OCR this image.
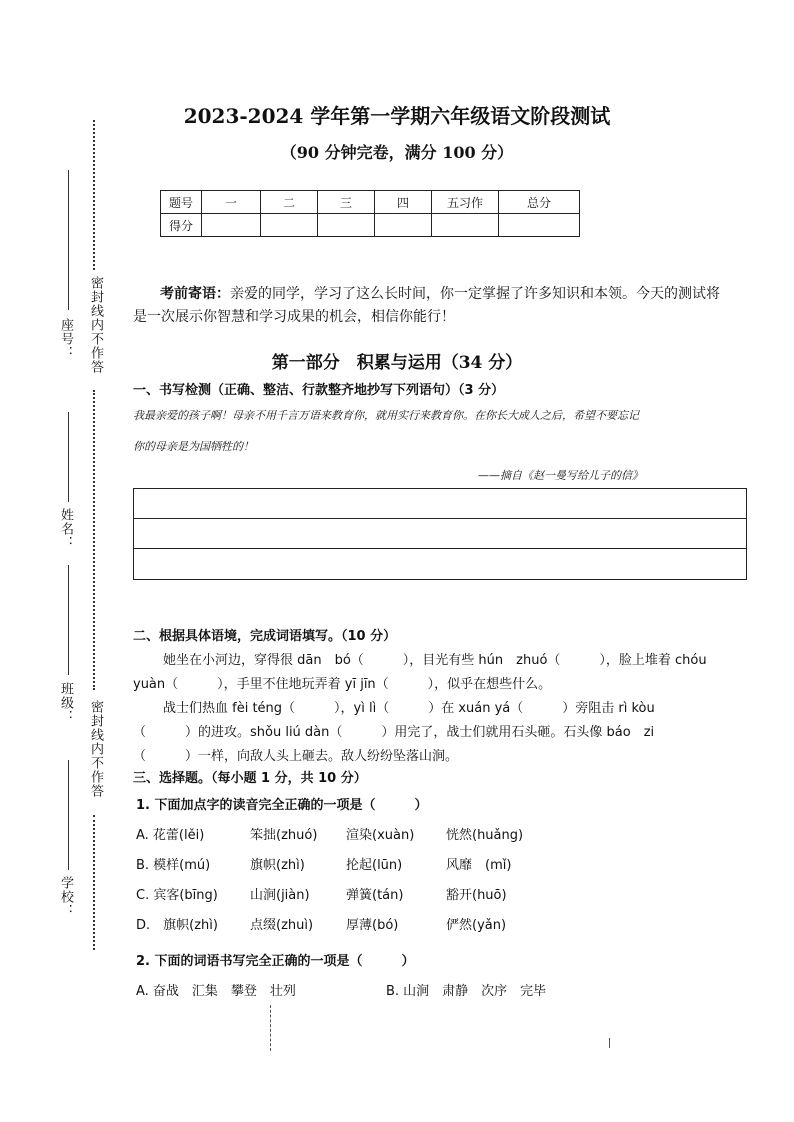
座号：
姓名：
班级：
学校：
密封线内不作答
密封线内不作答
2023-2024 学年第一学期六年级语文阶段测试
（90 分钟完卷，满分 100 分）
题号	一	二	三	四	五习作	总分
得分						
考前寄语：亲爱的同学，学习了这么长时间，你一定掌握了许多知识和本领。今天的测试将
是一次展示你智慧和学习成果的机会，相信你能行！
第一部分　积累与运用（34 分）
一、书写检测（正确、整洁、行款整齐地抄写下列语句）（3 分）
我最亲爱的孩子啊！母亲不用千言万语来教育你，就用实行来教育你。在你长大成人之后，希望不要忘记
你的母亲是为国牺牲的！
——摘自《赵一曼写给儿子的信》
二、根据具体语境，完成词语填写。（10 分）
她坐在小河边，穿得很 dān　bó（　　　），目光有些 hún　zhuó（　　　），脸上堆着 chóu
yuàn（　　　），手里不住地玩弄着 yī jīn（　　　），似乎在想些什么。
战士们热血 fèi téng（　　　），yì lì（　　　）在 xuán yá（　　　）旁阻击 rì kòu
（　　　）的进攻。shǒu liú dàn（　　　）用完了，战士们就用石头砸。石头像 báo　zi
（　　　）一样，向敌人头上砸去。敌人纷纷坠落山涧。
三、选择题。（每小题 1 分，共 10 分）
1. 下面加点字的读音完全正确的一项是（　　　）
A. 花蕾(lěi)	笨拙(zhuó) 渲染(xuàn) 恍然(huǎng)
B. 模样(mú)	旗帜(zhì)	抡起(lūn)	风靡　(mǐ)
C. 宾客(bīng) 山涧(jiàn)	弹簧(tán)	豁开(huō)
D.　旗帜(zhì) 点缀(zhuì)	厚薄(bó)	俨然(yǎn)
2. 下面的词语书写完全正确的一项是（　　　）
A. 奋战　汇集　攀登　壮列	B. 山涧　肃静　次序　完毕
